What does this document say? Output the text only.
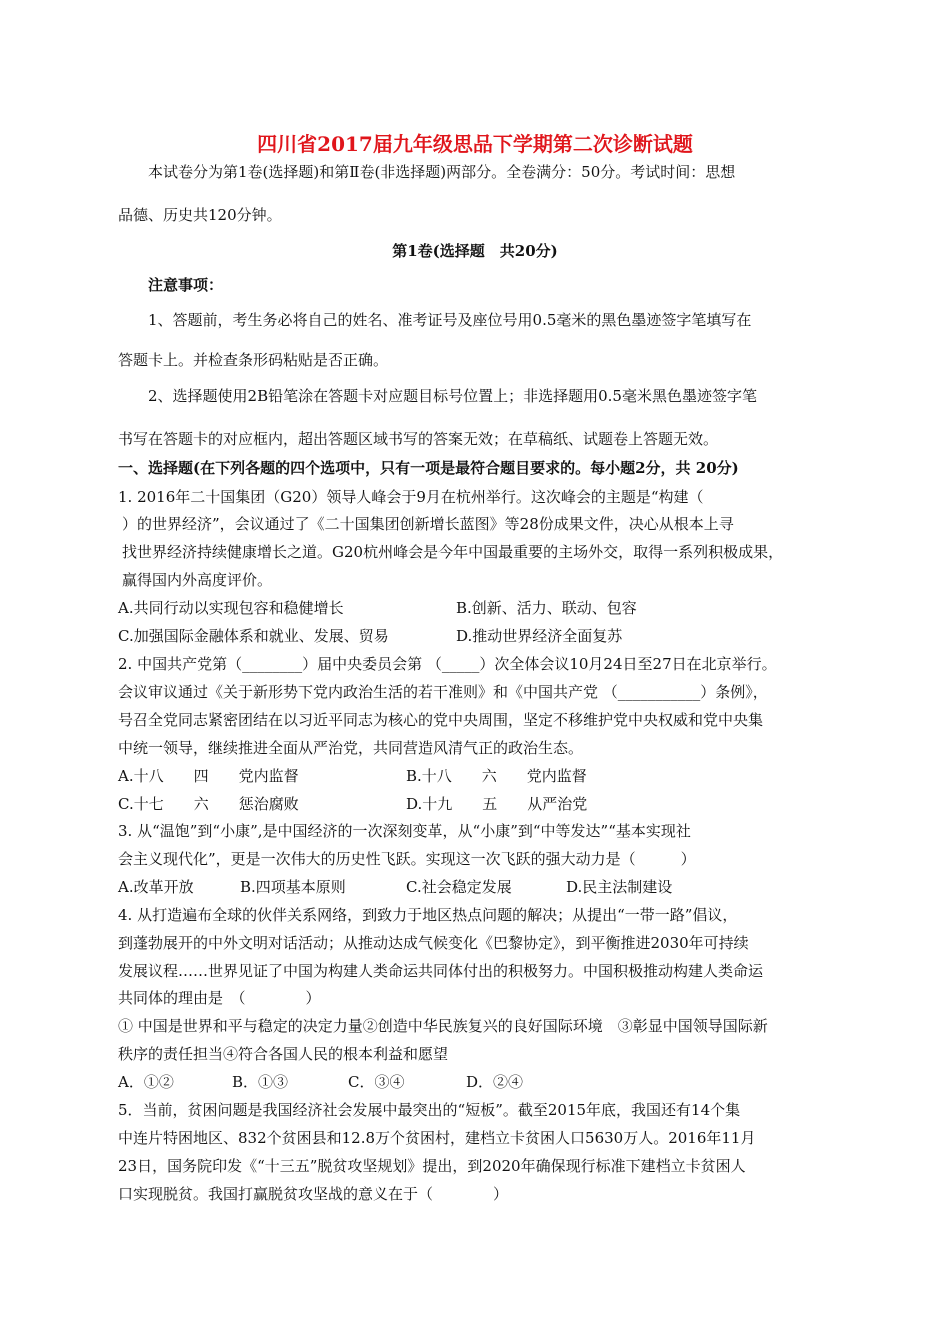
四川省2017届九年级思品下学期第二次诊断试题
本试卷分为第1卷(选择题)和第Ⅱ卷(非选择题)两部分。全卷满分：50分。考试时间：思想
品德、历史共120分钟。
第1卷(选择题　共20分)
注意事项：
1、答题前，考生务必将自己的姓名、准考证号及座位号用0.5毫米的黑色墨迹签字笔填写在
答题卡上。并检查条形码粘贴是否正确。
2、选择题使用2B铅笔涂在答题卡对应题目标号位置上；非选择题用0.5毫米黑色墨迹签字笔
书写在答题卡的对应框内，超出答题区域书写的答案无效；在草稿纸、试题卷上答题无效。
一、选择题(在下列各题的四个选项中，只有一项是最符合题目要求的。每小题2分，共 20分)
1. 2016年二十国集团（G20）领导人峰会于9月在杭州举行。这次峰会的主题是“构建（
）的世界经济”，会议通过了《二十国集团创新增长蓝图》等28份成果文件，决心从根本上寻
找世界经济持续健康增长之道。G20杭州峰会是今年中国最重要的主场外交，取得一系列积极成果，
赢得国内外高度评价。
A.共同行动以实现包容和稳健增长	B.创新、活力、联动、包容
C.加强国际金融体系和就业、发展、贸易	D.推动世界经济全面复苏
2. 中国共产党第（________）届中央委员会第 （_____）次全体会议10月24日至27日在北京举行。
会议审议通过《关于新形势下党内政治生活的若干准则》和《中国共产党 （___________）条例》，
号召全党同志紧密团结在以习近平同志为核心的党中央周围，坚定不移维护党中央权威和党中央集
中统一领导，继续推进全面从严治党，共同营造风清气正的政治生态。
A.十八　　四　　党内监督	B.十八　　六　　党内监督
C.十七　　六　　惩治腐败	D.十九　　五　　从严治党
3. 从“温饱”到“小康”,是中国经济的一次深刻变革，从“小康”到“中等发达”“基本实现社
会主义现代化”，更是一次伟大的历史性飞跃。实现这一次飞跃的强大动力是（　　　）
A.改革开放	B.四项基本原则	C.社会稳定发展	D.民主法制建设
4. 从打造遍布全球的伙伴关系网络，到致力于地区热点问题的解决；从提出“一带一路”倡议，
到蓬勃展开的中外文明对话活动；从推动达成气候变化《巴黎协定》，到平衡推进2030年可持续
发展议程……世界见证了中国为构建人类命运共同体付出的积极努力。中国积极推动构建人类命运
共同体的理由是　（　　　　）
① 中国是世界和平与稳定的决定力量②创造中华民族复兴的良好国际环境　③彰显中国领导国际新
秩序的责任担当④符合各国人民的根本利益和愿望
A．①②	B．①③	C．③④	D．②④
5．当前，贫困问题是我国经济社会发展中最突出的“短板”。截至2015年底，我国还有14个集
中连片特困地区、832个贫困县和12.8万个贫困村，建档立卡贫困人口5630万人。2016年11月
23日，国务院印发《“十三五”脱贫攻坚规划》提出，到2020年确保现行标准下建档立卡贫困人
口实现脱贫。我国打赢脱贫攻坚战的意义在于（　　　　）
